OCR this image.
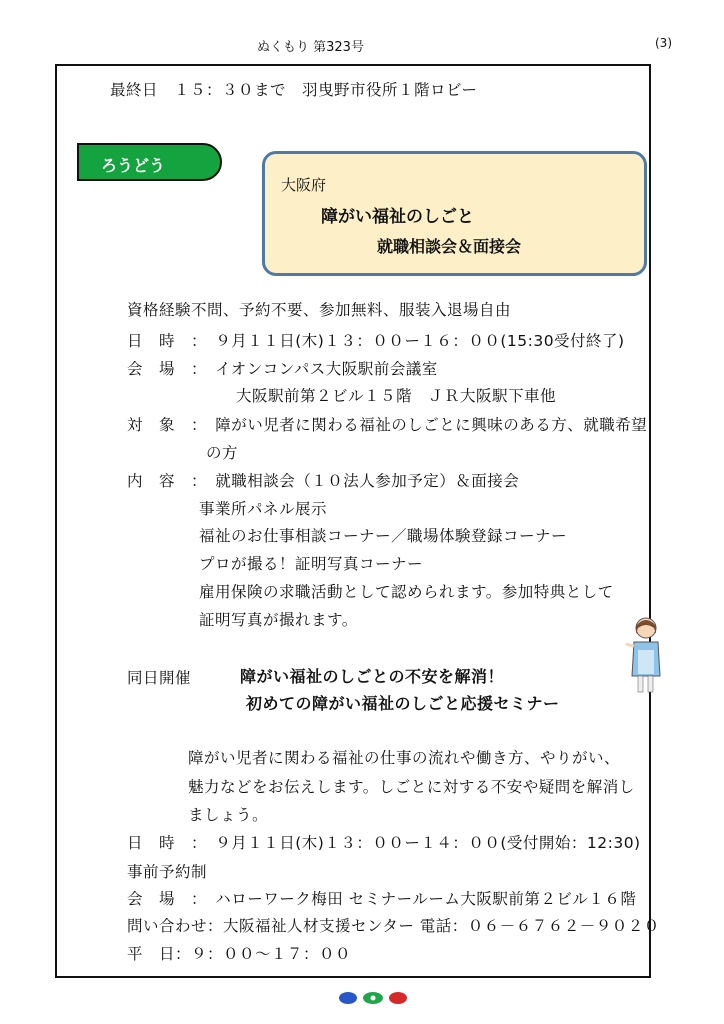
ぬくもり 第323号	(3)
最終日　１５：３０まで　羽曳野市役所１階ロビー
ろうどう
大阪府
障がい福祉のしごと
就職相談会＆面接会
資格経験不問、予約不要、参加無料、服装入退場自由
日　時　：　９月１１日(木)１３：００ー１６：００(15:30受付終了)
会　場　：　イオンコンパス大阪駅前会議室
大阪駅前第２ビル１５階　ＪＲ大阪駅下車他
対　象　：　障がい児者に関わる福祉のしごとに興味のある方、就職希望
の方
内　容　：　就職相談会（１０法人参加予定）＆面接会
事業所パネル展示
福祉のお仕事相談コーナー／職場体験登録コーナー
プロが撮る！証明写真コーナー
雇用保険の求職活動として認められます。参加特典として
証明写真が撮れます。
同日開催	障がい福祉のしごとの不安を解消！
初めての障がい福祉のしごと応援セミナー
障がい児者に関わる福祉の仕事の流れや働き方、やりがい、
魅力などをお伝えします。しごとに対する不安や疑問を解消し
ましょう。
日　時　：　９月１１日(木)１３：００ー１４：００(受付開始：12:30)
事前予約制
会　場　：　ハローワーク梅田 セミナールーム大阪駅前第２ビル１６階
問い合わせ：大阪福祉人材支援センター 電話：０６－６７６２－９０２０
平　日：９：００～１７：００
